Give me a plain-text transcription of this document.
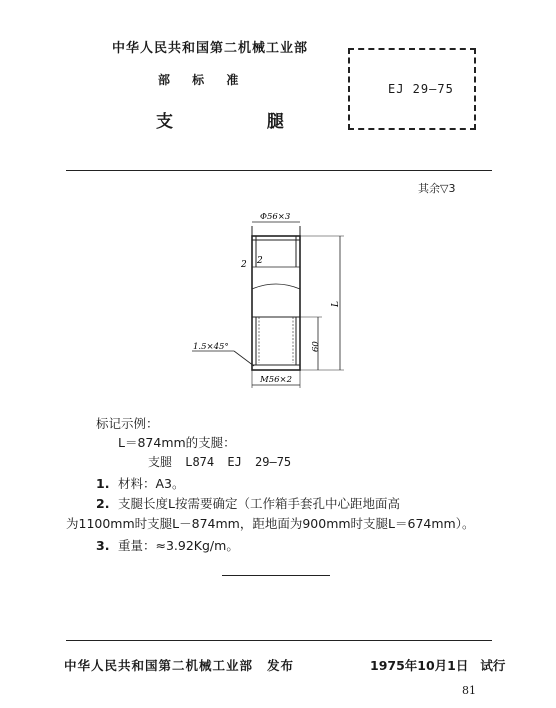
中华人民共和国第二机械工业部
部 标 准
支 腿
EJ 29—75
其余▽3
Φ56×3
2 2
L
60
1.5×45°
M56×2
标记示例：
L＝874mm的支腿：
支腿 L874 EJ 29—75
1. 材料：A3。
2. 支腿长度L按需要确定（工作箱手套孔中心距地面高
为1100mm时支腿L－874mm，距地面为900mm时支腿L＝674mm）。
3. 重量：≈3.92Kg/m。
中华人民共和国第二机械工业部 发布	1975年10月1日 试行
81
